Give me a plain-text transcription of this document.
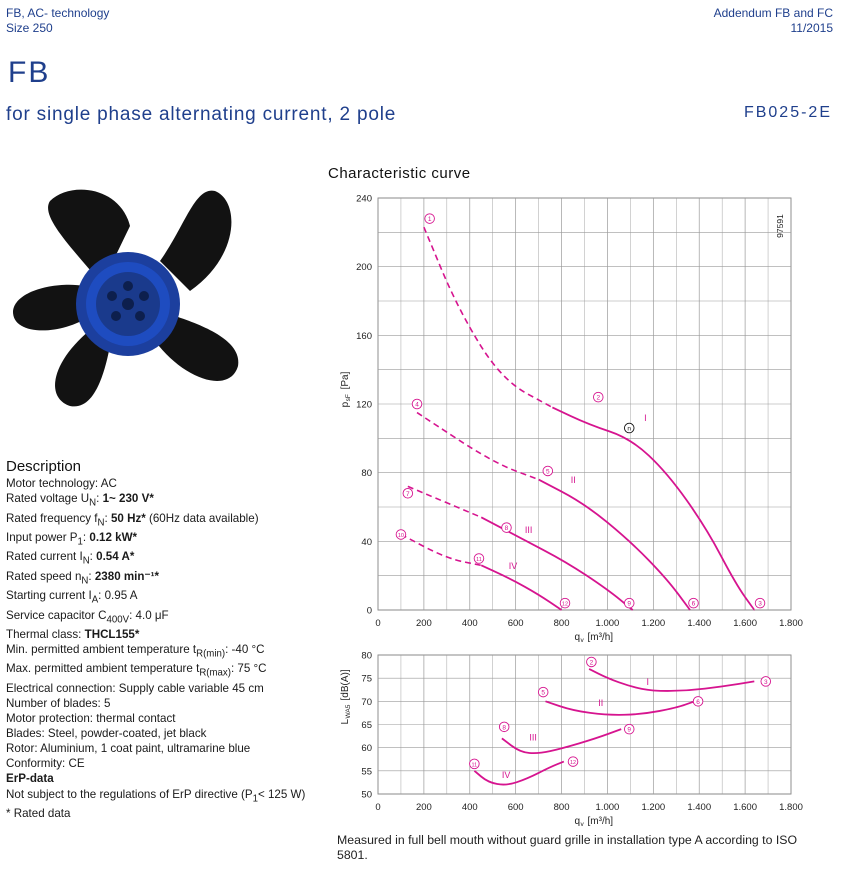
FB, AC- technology
Size 250
Addendum FB and FC
11/2015
FB
for single phase alternating current, 2 pole	FB025-2E
Description
Motor technology: AC
Rated voltage $U_N$: 1~ 230 V*
Rated frequency $f_N$: 50 Hz* (60Hz data available)
Input power $P_1$: 0.12 kW*
Rated current $I_N$: 0.54 A*
Rated speed $n_N$: 2380 min⁻¹*
Starting current $I_A$: 0.95 A
Service capacitor $C_{400V}$: 4.0 μF
Thermal class: THCL155*
Min. permitted ambient temperature $t_{R(min)}$: -40 °C
Max. permitted ambient temperature $t_{R(max)}$: 75 °C
Electrical connection: Supply cable variable 45 cm
Number of blades: 5
Motor protection: thermal contact
Blades: Steel, powder-coated, jet black
Rotor: Aluminium, 1 coat paint, ultramarine blue
Conformity: CE
ErP-data
Not subject to the regulations of ErP directive ($P_1< 125$ W)
* Rated data
Characteristic curve
0	200	400	600	800	1.000 1.200 1.400 1.600 1.800
0
40
80
120
160
200
240
q v [m³/h]
p
sF
[Pa]
97591
I
1
2
n
3
II
4
5
6
III
7
8
9
IV
10
11
12
0	200	400	600	800	1.000 1.200 1.400 1.600 1.800
50
55
60
65
70
75
80
q v [m³/h]
L
WA5
[dB(A)]	I
2
3
II
5
6
III
8	9
IV
11	12
Measured in full bell mouth without guard grille in installation type A according to ISO 5801.
